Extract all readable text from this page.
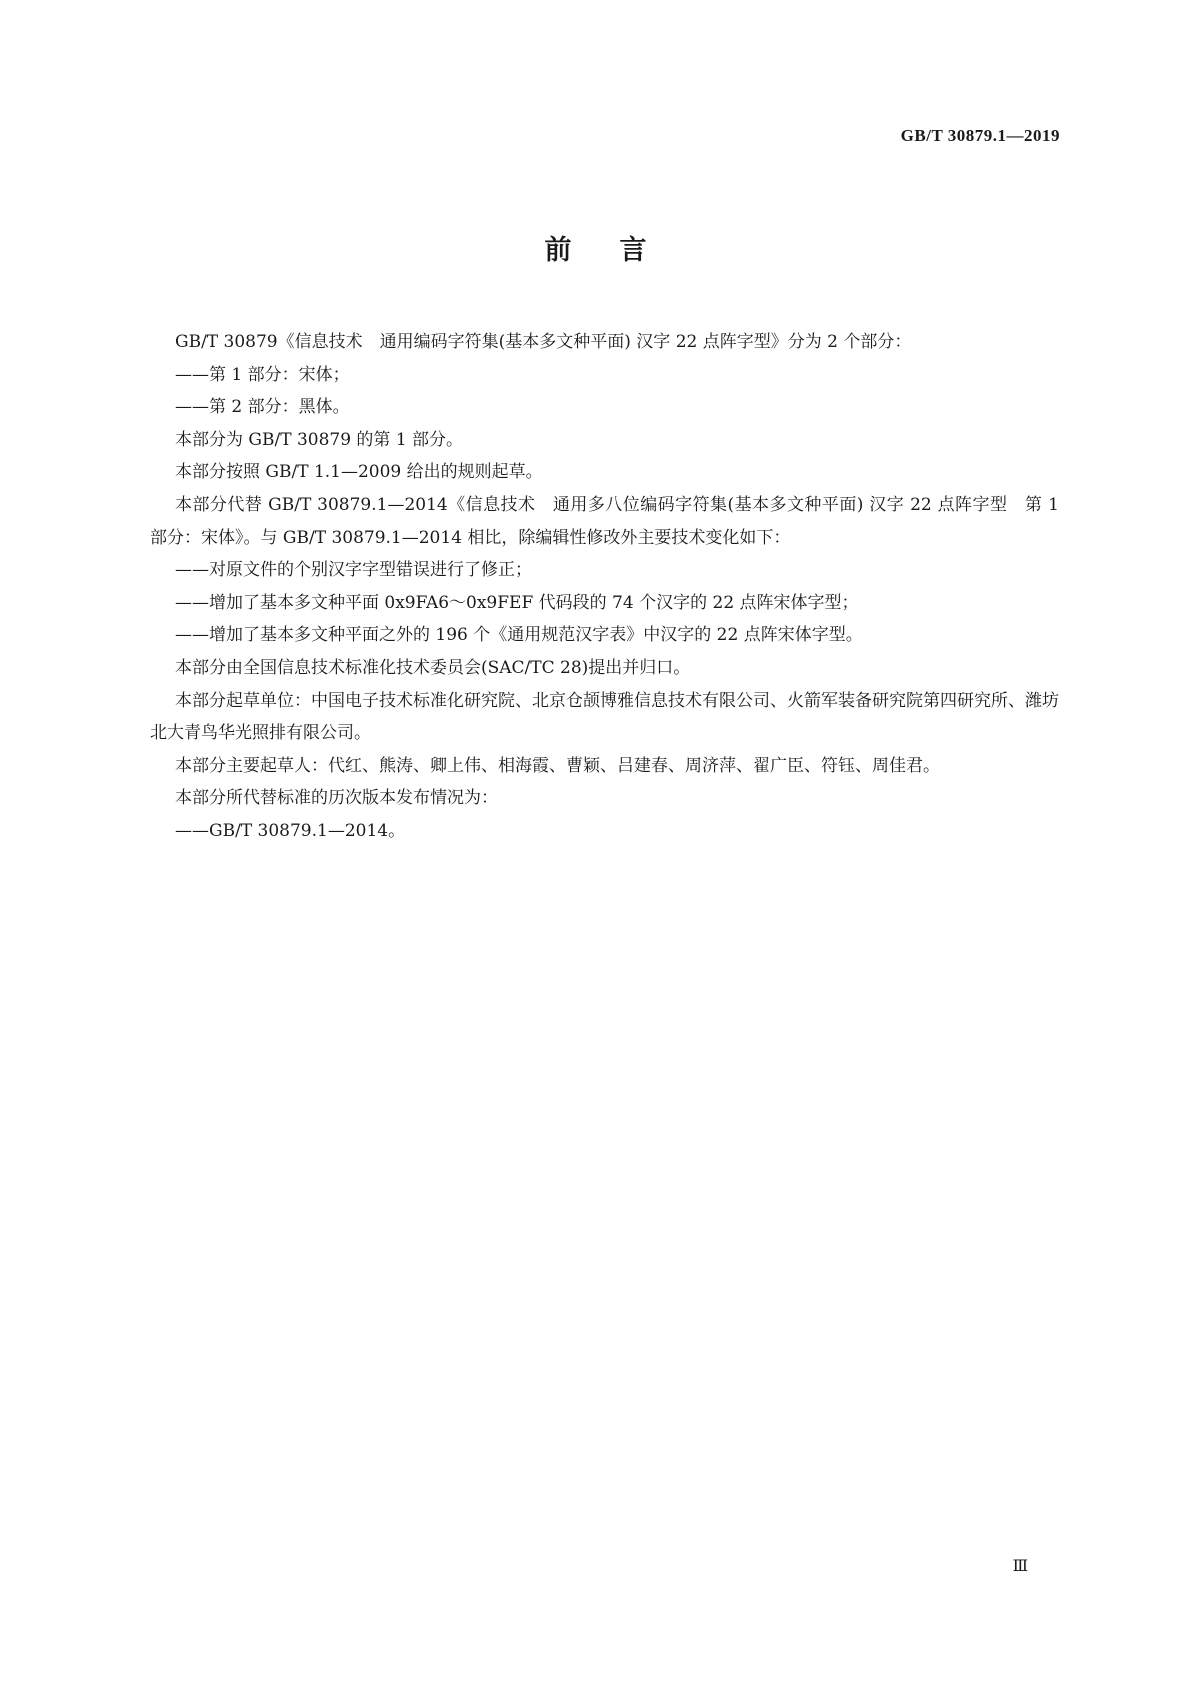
GB/T 30879.1—2019
前言

GB/T 30879《信息技术　通用编码字符集(基本多文种平面) 汉字 22 点阵字型》分为 2 个部分：

——第 1 部分：宋体；

——第 2 部分：黑体。

本部分为 GB/T 30879 的第 1 部分。

本部分按照 GB/T 1.1—2009 给出的规则起草。

本部分代替 GB/T 30879.1—2014《信息技术　通用多八位编码字符集(基本多文种平面) 汉字 22 点阵字型　第 1 部分：宋体》。与 GB/T 30879.1—2014 相比，除编辑性修改外主要技术变化如下：

——对原文件的个别汉字字型错误进行了修正；

——增加了基本多文种平面 0x9FA6～0x9FEF 代码段的 74 个汉字的 22 点阵宋体字型；

——增加了基本多文种平面之外的 196 个《通用规范汉字表》中汉字的 22 点阵宋体字型。

本部分由全国信息技术标准化技术委员会(SAC/TC 28)提出并归口。

本部分起草单位：中国电子技术标准化研究院、北京仓颉博雅信息技术有限公司、火箭军装备研究院第四研究所、潍坊北大青鸟华光照排有限公司。

本部分主要起草人：代红、熊涛、卿上伟、相海霞、曹颖、吕建春、周济萍、翟广臣、符钰、周佳君。

本部分所代替标准的历次版本发布情况为：

——GB/T 30879.1—2014。

Ⅲ
